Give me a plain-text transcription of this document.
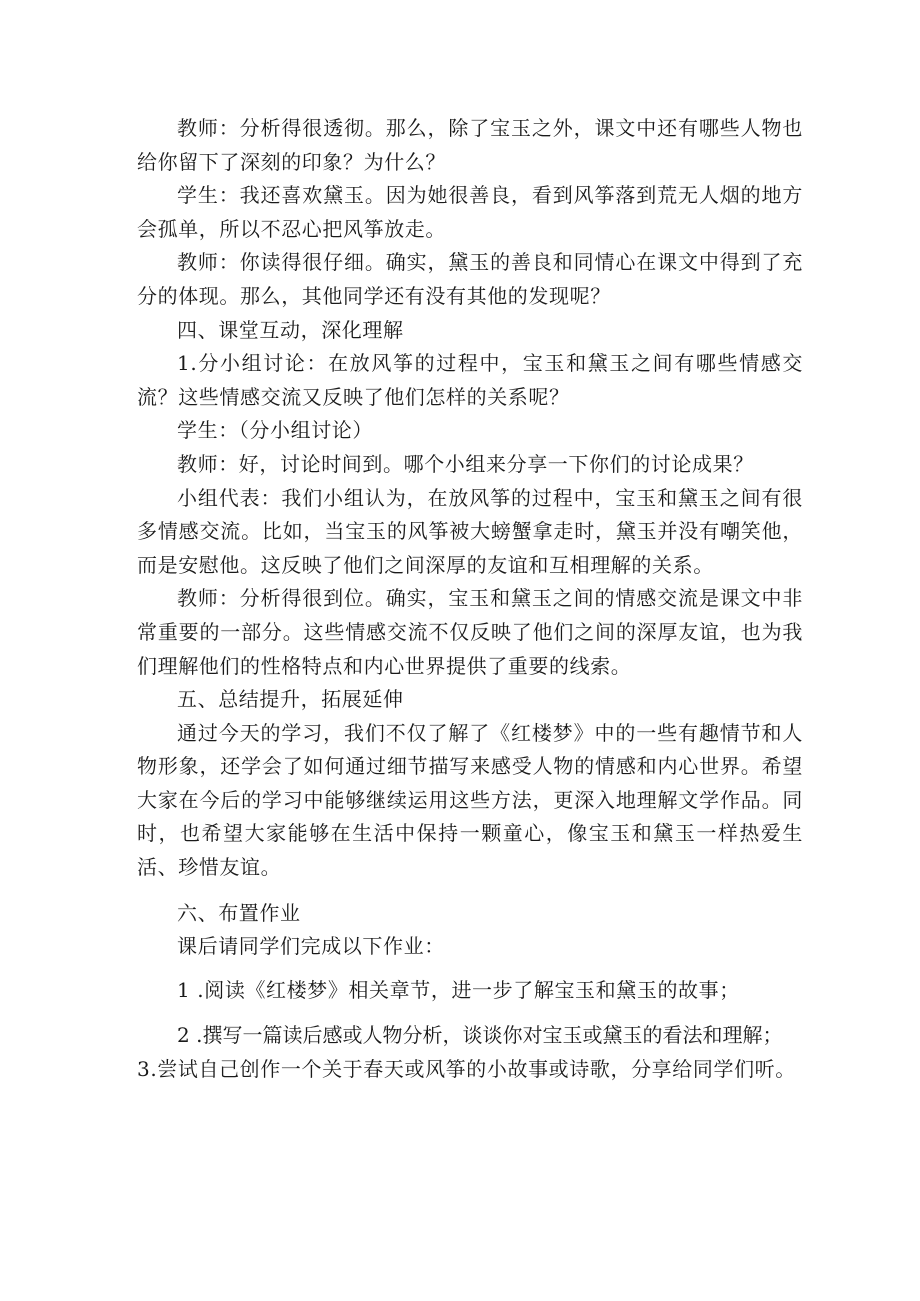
教师：分析得很透彻。那么，除了宝玉之外，课文中还有哪些人物也给你留下了深刻的印象？为什么？

学生：我还喜欢黛玉。因为她很善良，看到风筝落到荒无人烟的地方会孤单，所以不忍心把风筝放走。

教师：你读得很仔细。确实，黛玉的善良和同情心在课文中得到了充分的体现。那么，其他同学还有没有其他的发现呢？

四、课堂互动，深化理解

1.分小组讨论：在放风筝的过程中，宝玉和黛玉之间有哪些情感交流？这些情感交流又反映了他们怎样的关系呢？

学生：（分小组讨论）

教师：好，讨论时间到。哪个小组来分享一下你们的讨论成果？

小组代表：我们小组认为，在放风筝的过程中，宝玉和黛玉之间有很多情感交流。比如，当宝玉的风筝被大螃蟹拿走时，黛玉并没有嘲笑他，而是安慰他。这反映了他们之间深厚的友谊和互相理解的关系。

教师：分析得很到位。确实，宝玉和黛玉之间的情感交流是课文中非常重要的一部分。这些情感交流不仅反映了他们之间的深厚友谊，也为我们理解他们的性格特点和内心世界提供了重要的线索。

五、总结提升，拓展延伸

通过今天的学习，我们不仅了解了《红楼梦》中的一些有趣情节和人物形象，还学会了如何通过细节描写来感受人物的情感和内心世界。希望大家在今后的学习中能够继续运用这些方法，更深入地理解文学作品。同时，也希望大家能够在生活中保持一颗童心，像宝玉和黛玉一样热爱生活、珍惜友谊。

六、布置作业

课后请同学们完成以下作业：

1 .阅读《红楼梦》相关章节，进一步了解宝玉和黛玉的故事；

2 .撰写一篇读后感或人物分析，谈谈你对宝玉或黛玉的看法和理解；

3.尝试自己创作一个关于春天或风筝的小故事或诗歌，分享给同学们听。
